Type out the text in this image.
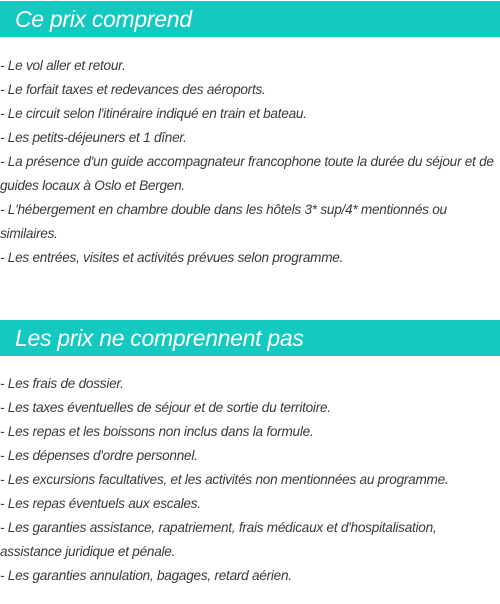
Ce prix comprend
- Le vol aller et retour.
- Le forfait taxes et redevances des aéroports.
- Le circuit selon l'itinéraire indiqué en train et bateau.
- Les petits-déjeuners et 1 dîner.
- La présence d'un guide accompagnateur francophone toute la durée du séjour et de guides locaux à Oslo et Bergen.
- L'hébergement en chambre double dans les hôtels 3* sup/4* mentionnés ou similaires.
- Les entrées, visites et activités prévues selon programme.
Les prix ne comprennent pas
- Les frais de dossier.
- Les taxes éventuelles de séjour et de sortie du territoire.
- Les repas et les boissons non inclus dans la formule.
- Les dépenses d'ordre personnel.
- Les excursions facultatives, et les activités non mentionnées au programme.
- Les repas éventuels aux escales.
- Les garanties assistance, rapatriement, frais médicaux et d'hospitalisation, assistance juridique et pénale.
- Les garanties annulation, bagages, retard aérien.
